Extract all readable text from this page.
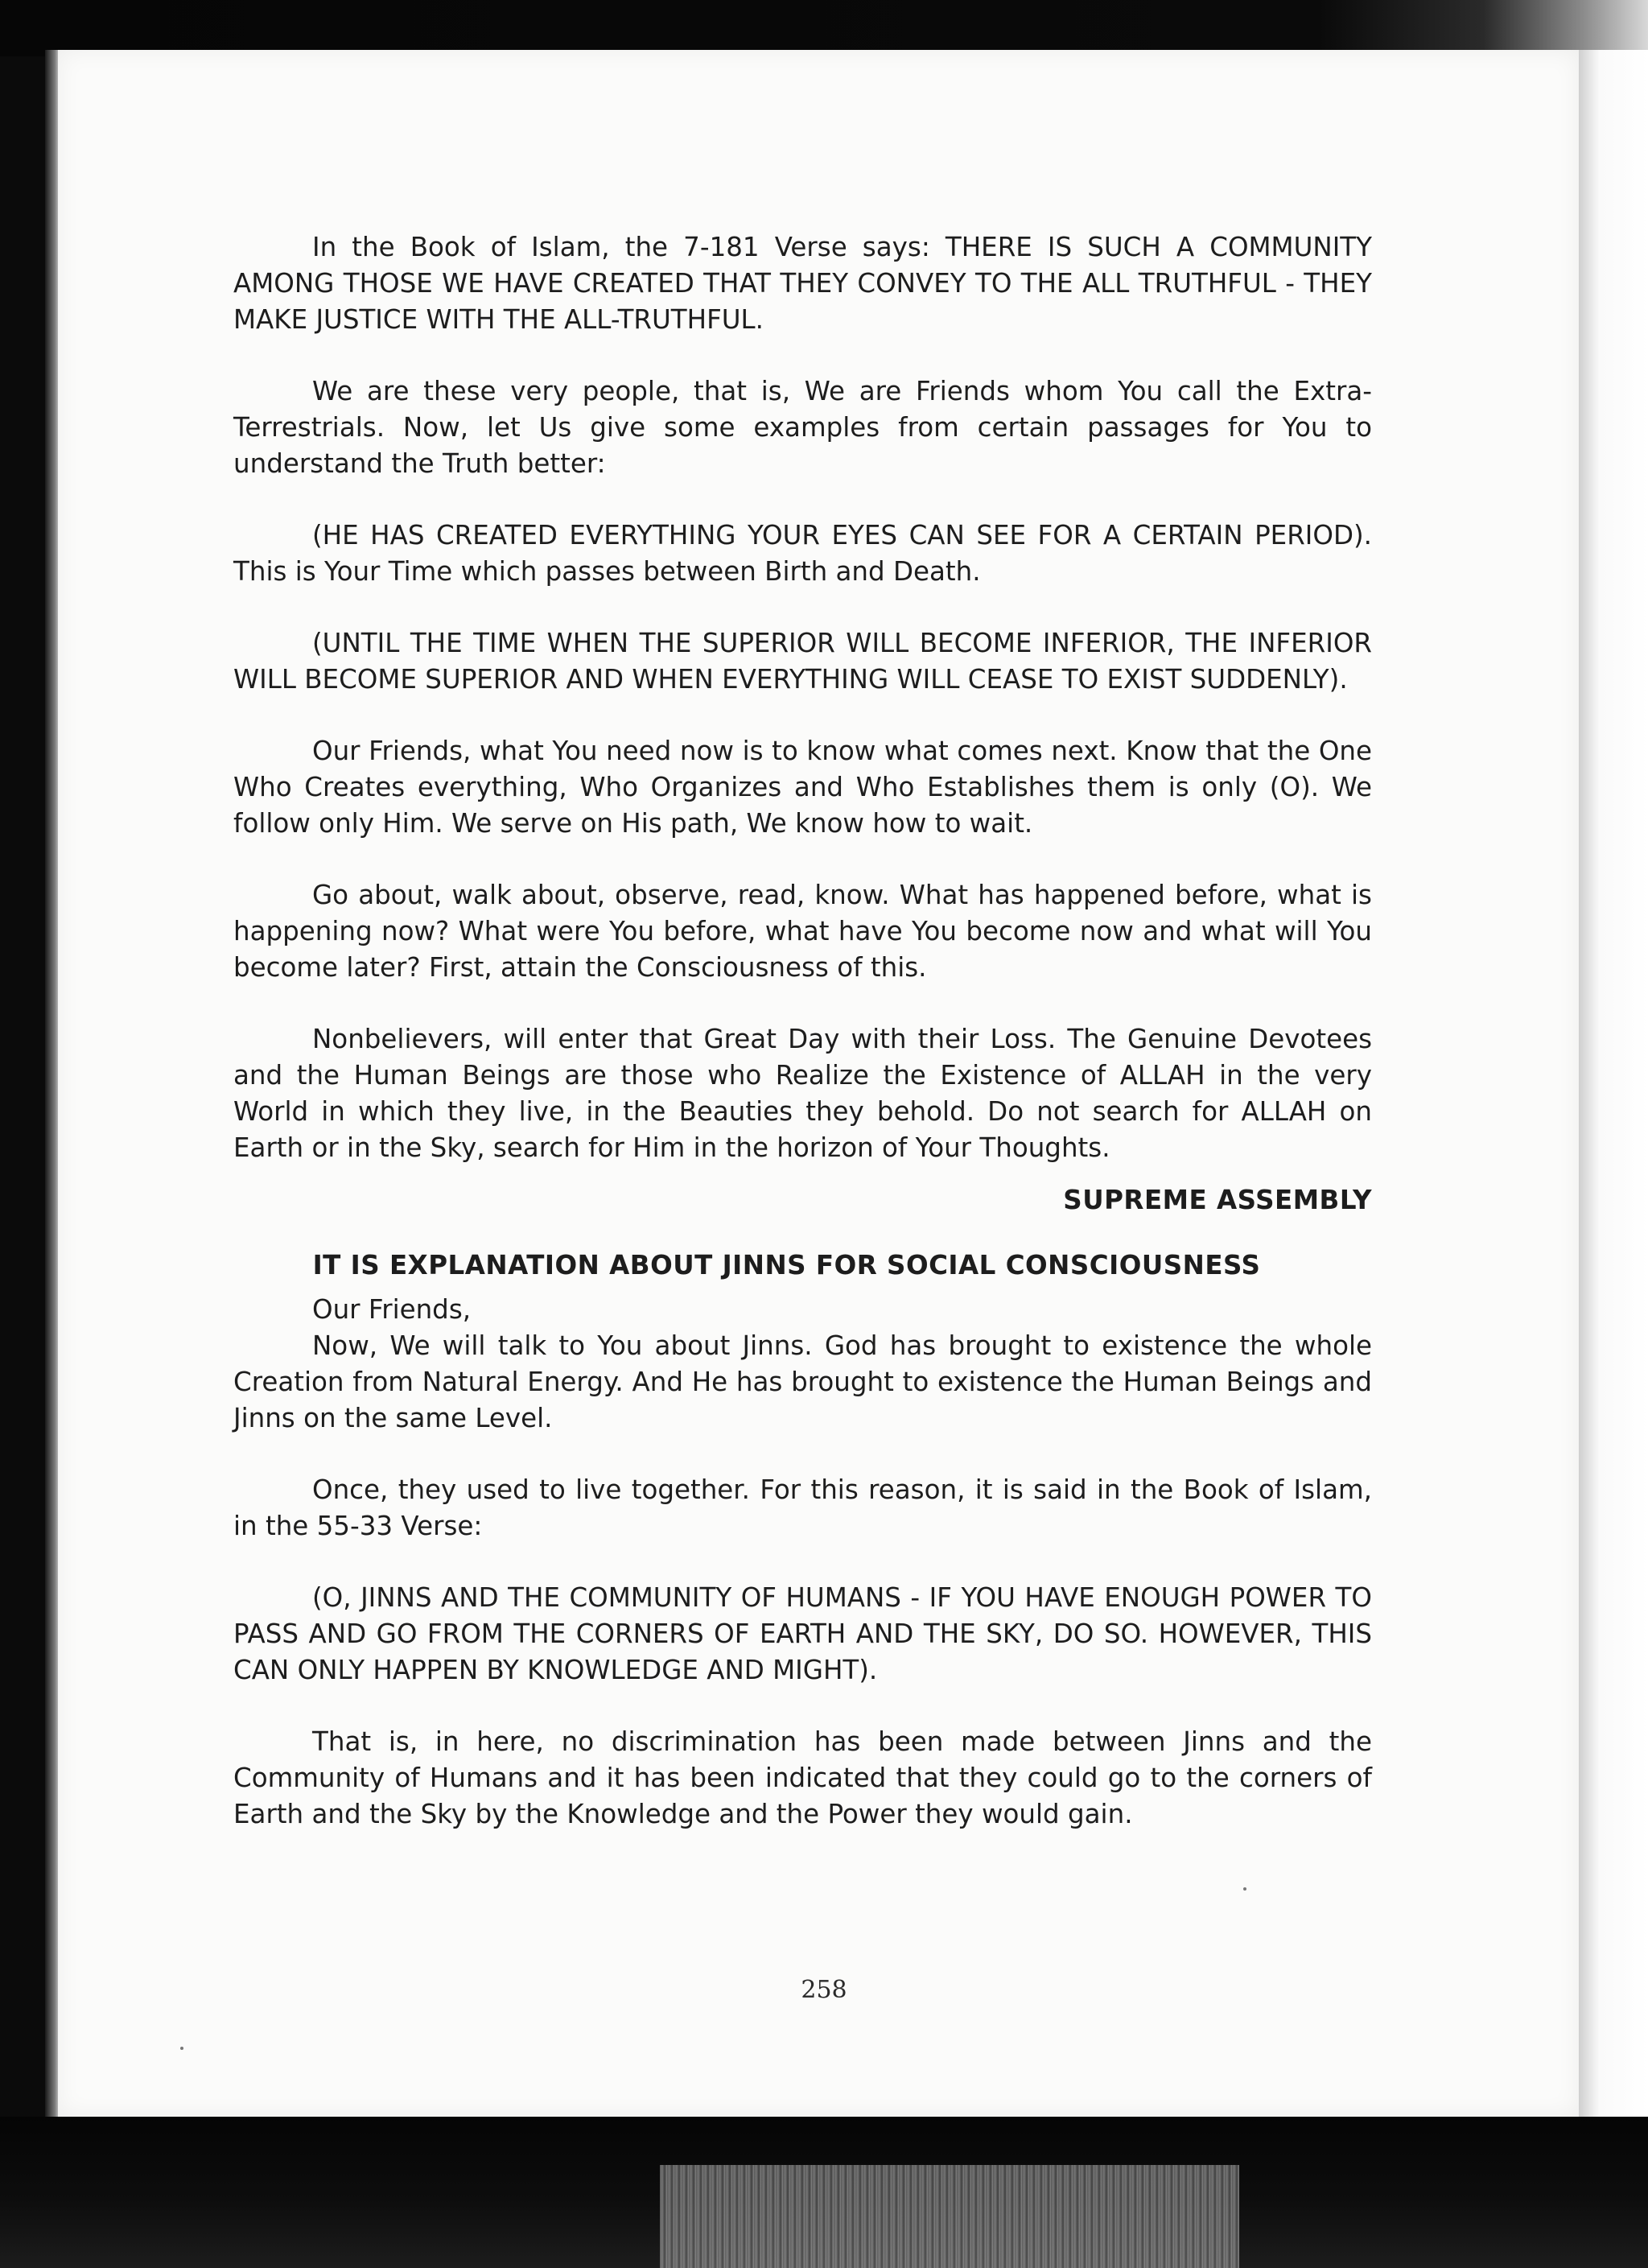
In the Book of Islam, the 7-181 Verse says: THERE IS SUCH A COMMUNITY AMONG THOSE WE HAVE CREATED THAT THEY CONVEY TO THE ALL TRUTHFUL - THEY MAKE JUSTICE WITH THE ALL-TRUTHFUL.

We are these very people, that is, We are Friends whom You call the Extra-Terrestrials. Now, let Us give some examples from certain passages for You to understand the Truth better:

(HE HAS CREATED EVERYTHING YOUR EYES CAN SEE FOR A CERTAIN PERIOD). This is Your Time which passes between Birth and Death.

(UNTIL THE TIME WHEN THE SUPERIOR WILL BECOME INFERIOR, THE INFERIOR WILL BECOME SUPERIOR AND WHEN EVERYTHING WILL CEASE TO EXIST SUDDENLY).

Our Friends, what You need now is to know what comes next. Know that the One Who Creates everything, Who Organizes and Who Establishes them is only (O). We follow only Him. We serve on His path, We know how to wait.

Go about, walk about, observe, read, know. What has happened before, what is happening now? What were You before, what have You become now and what will You become later? First, attain the Consciousness of this.

Nonbelievers, will enter that Great Day with their Loss. The Genuine Devotees and the Human Beings are those who Realize the Existence of ALLAH in the very World in which they live, in the Beauties they behold. Do not search for ALLAH on Earth or in the Sky, search for Him in the horizon of Your Thoughts.

SUPREME ASSEMBLY
IT IS EXPLANATION ABOUT JINNS FOR SOCIAL CONSCIOUSNESS

Our Friends,

Now, We will talk to You about Jinns. God has brought to existence the whole Creation from Natural Energy. And He has brought to existence the Human Beings and Jinns on the same Level.

Once, they used to live together. For this reason, it is said in the Book of Islam, in the 55-33 Verse:

(O, JINNS AND THE COMMUNITY OF HUMANS - IF YOU HAVE ENOUGH POWER TO PASS AND GO FROM THE CORNERS OF EARTH AND THE SKY, DO SO. HOWEVER, THIS CAN ONLY HAPPEN BY KNOWLEDGE AND MIGHT).

That is, in here, no discrimination has been made between Jinns and the Community of Humans and it has been indicated that they could go to the corners of Earth and the Sky by the Knowledge and the Power they would gain.

258
